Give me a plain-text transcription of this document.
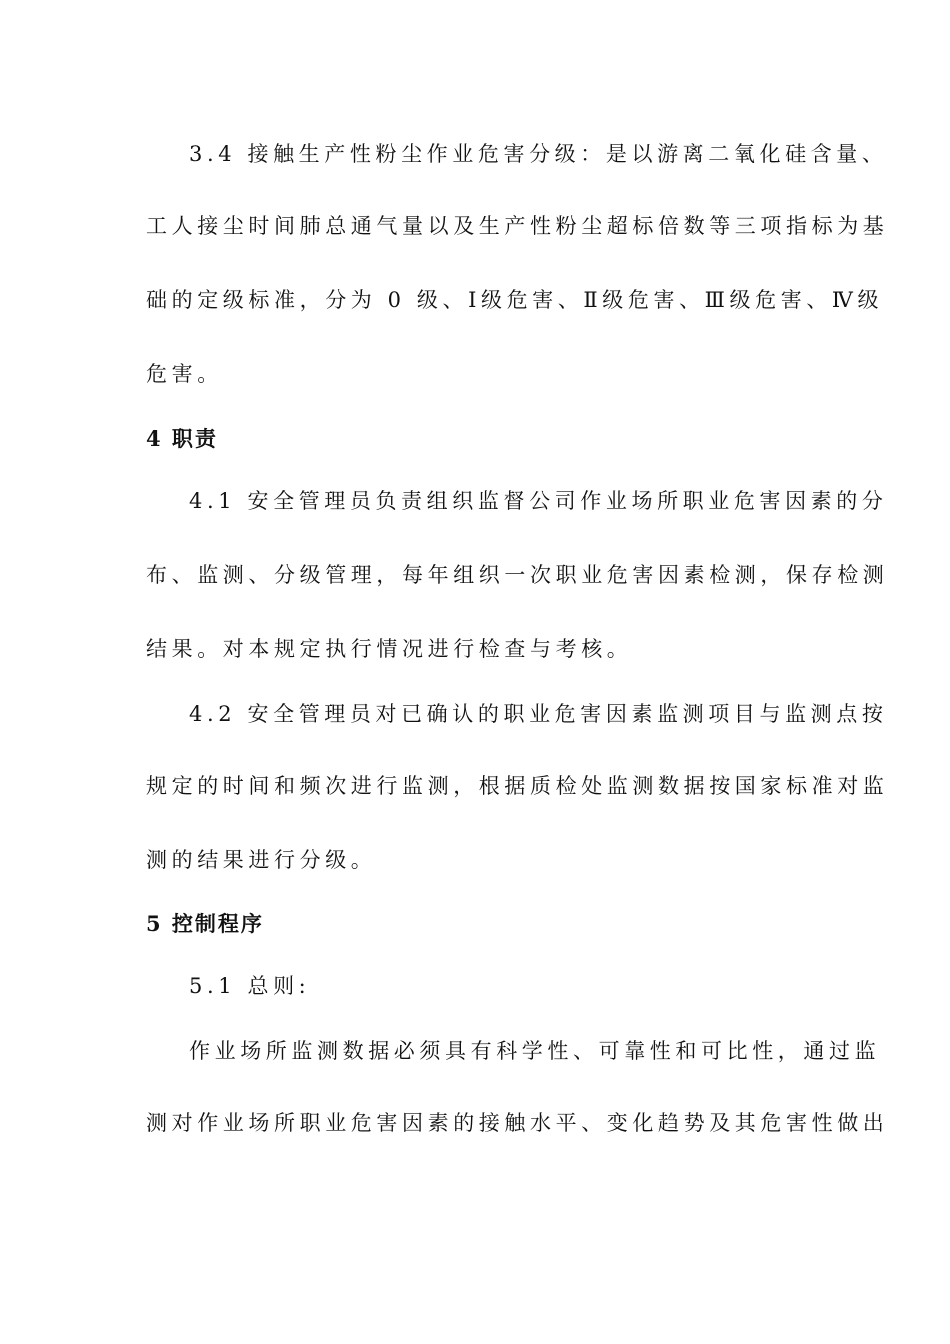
3.4 接触生产性粉尘作业危害分级：是以游离二氧化硅含量、
工人接尘时间肺总通气量以及生产性粉尘超标倍数等三项指标为基
础的定级标准，分为 0 级、Ⅰ级危害、Ⅱ级危害、Ⅲ级危害、Ⅳ级
危害。
4 职责
4.1 安全管理员负责组织监督公司作业场所职业危害因素的分
布、监测、分级管理，每年组织一次职业危害因素检测，保存检测
结果。对本规定执行情况进行检查与考核。
4.2 安全管理员对已确认的职业危害因素监测项目与监测点按
规定的时间和频次进行监测，根据质检处监测数据按国家标准对监
测的结果进行分级。
5 控制程序
5.1 总则:
作业场所监测数据必须具有科学性、可靠性和可比性，通过监
测对作业场所职业危害因素的接触水平、变化趋势及其危害性做出
